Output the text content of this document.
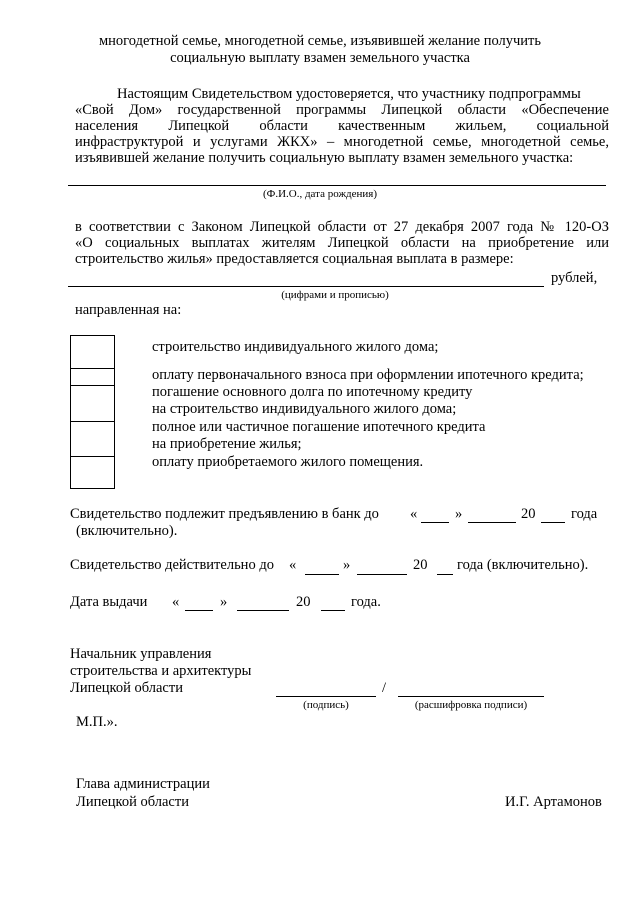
многодетной семье, многодетной семье, изъявившей желание получить
социальную выплату взамен земельного участка
Настоящим Свидетельством удостоверяется, что участнику подпрограммы
«Свой Дом» государственной программы Липецкой области «Обеспечение
населения Липецкой области качественным жильем, социальной
инфраструктурой и услугами ЖКХ» – многодетной семье, многодетной семье,
изъявившей желание получить социальную выплату взамен земельного участка:
(Ф.И.О., дата рождения)
в соответствии с Законом Липецкой области от 27 декабря 2007 года № 120-ОЗ
«О социальных выплатах жителям Липецкой области на приобретение или
строительство жилья» предоставляется социальная выплата в размере:
рублей,
(цифрами и прописью)
направленная на:
строительство индивидуального жилого дома;
оплату первоначального взноса при оформлении ипотечного кредита;
погашение основного долга по ипотечному кредиту
на строительство индивидуального жилого дома;
полное или частичное погашение ипотечного кредита
на приобретение жилья;
оплату приобретаемого жилого помещения.
Свидетельство подлежит предъявлению в банк до «	»	20 года
(включительно).
Свидетельство действительно до «	»	20 года (включительно).
Дата выдачи «	»	20	года.
Начальник управления
строительства и архитектуры
Липецкой области	/
(подпись)	(расшифровка подписи)
М.П.».
Глава администрации
Липецкой области	И.Г. Артамонов
